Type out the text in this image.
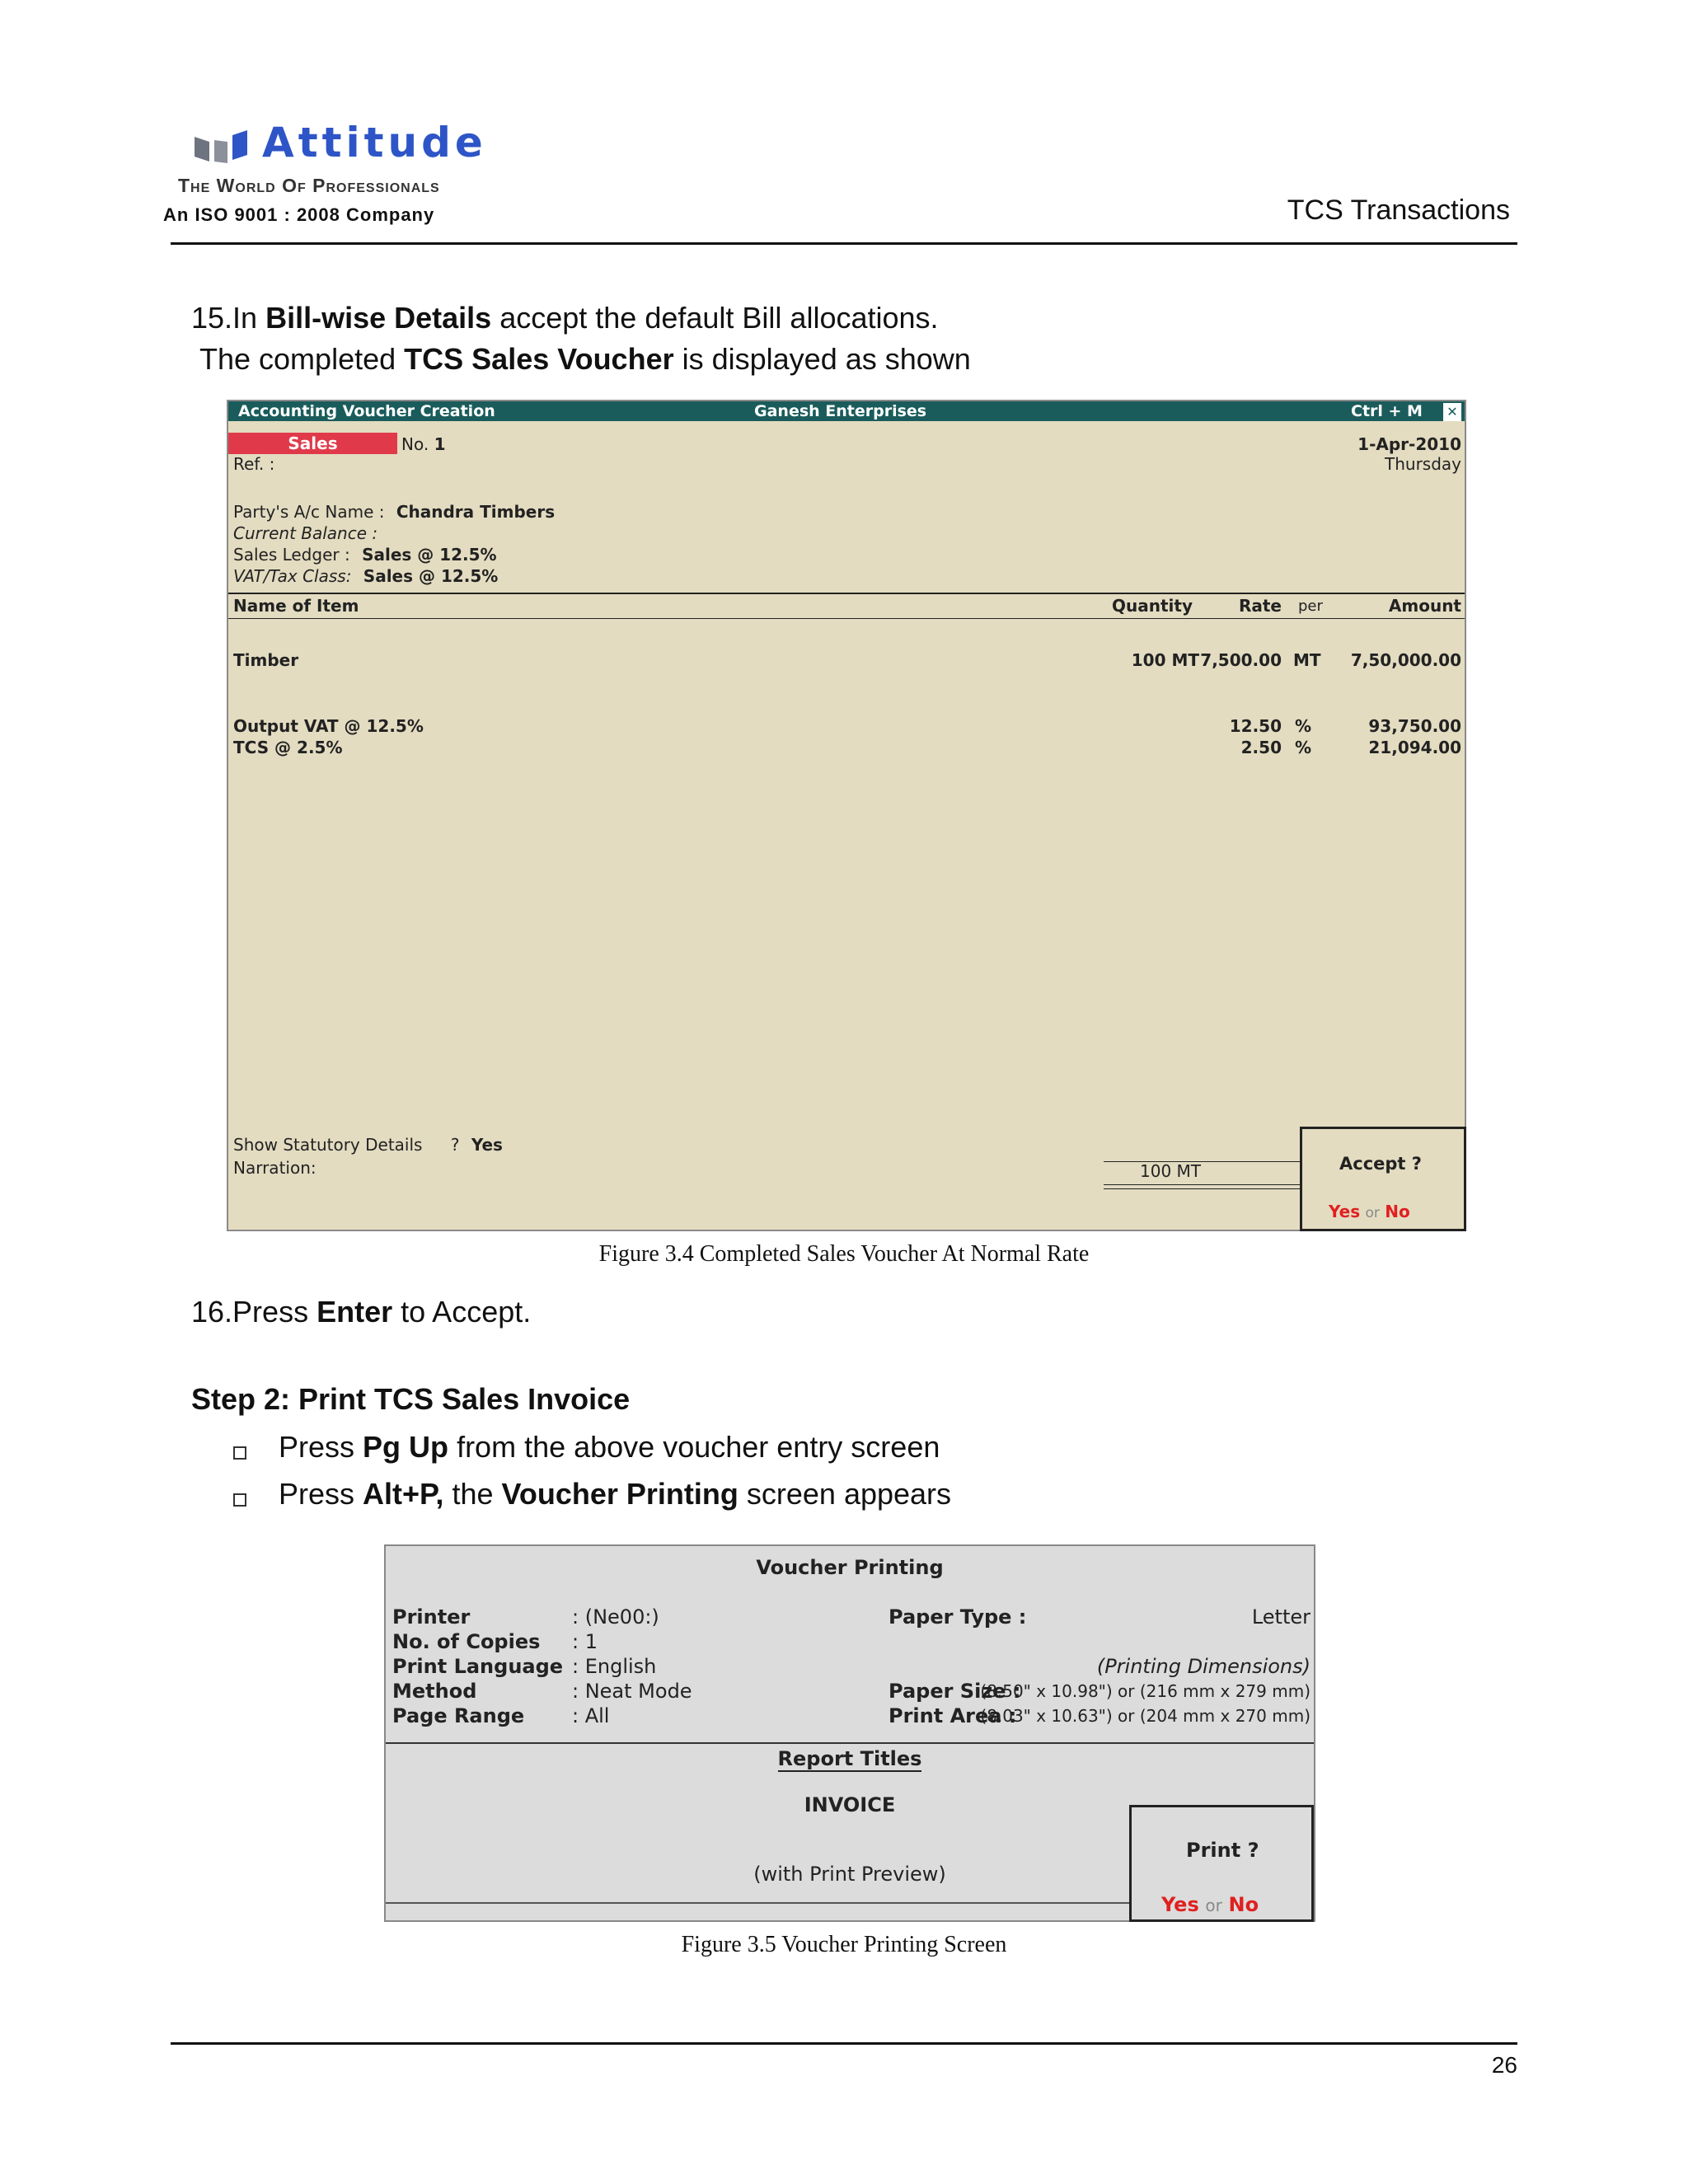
Attitude
The World Of Professionals
An ISO 9001 : 2008 Company	TCS Transactions
15.In Bill-wise Details accept the default Bill allocations.
The completed TCS Sales Voucher is displayed as shown
Accounting Voucher Creation	Ganesh Enterprises	Ctrl + M ✕
Sales	No. 1	1-Apr-2010
Thursday
Ref. :
Party's A/c Name : Chandra Timbers
Current Balance :
Sales Ledger : Sales @ 12.5%
VAT/Tax Class: Sales @ 12.5%
Name of Item	Quantity	Rate per	Amount
Timber	100 MT 7,500.00 MT 7,50,000.00
Output VAT @ 12.5%	12.50 %	93,750.00
TCS @ 2.5%	2.50 %	21,094.00
Show Statutory Details ? Yes
Narration:	100 MT	Accept ?
Yes or No
Figure 3.4 Completed Sales Voucher At Normal Rate
16.Press Enter to Accept.
Step 2: Print TCS Sales Invoice
Press Pg Up from the above voucher entry screen
Press Alt+P, the Voucher Printing screen appears
Voucher Printing
Printer	: (Ne00:)
No. of Copies : 1
Print Language : English
Method	: Neat Mode
Page Range : All
Paper Type :	Letter
(Printing Dimensions)
Paper Size :
(8.50" x 10.98") or (216 mm x 279 mm)
Print Area :
(8.03" x 10.63") or (204 mm x 270 mm)
Report Titles
INVOICE
(with Print Preview)
Print ?
Yes or No
Figure 3.5 Voucher Printing Screen
26
